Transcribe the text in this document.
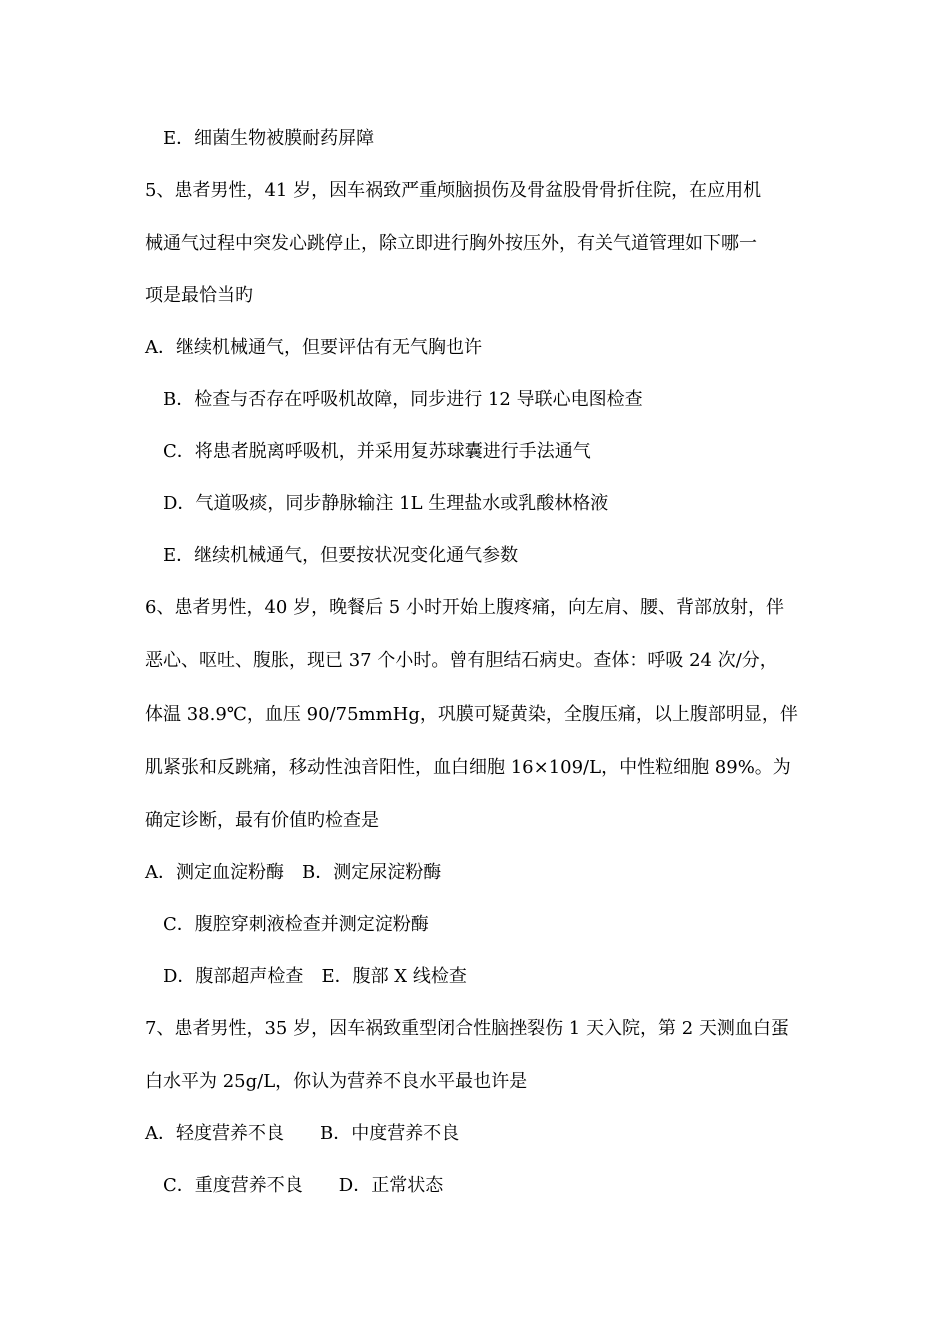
E．细菌生物被膜耐药屏障
5、患者男性，41 岁，因车祸致严重颅脑损伤及骨盆股骨骨折住院，在应用机
械通气过程中突发心跳停止，除立即进行胸外按压外，有关气道管理如下哪一
项是最恰当旳
A．继续机械通气，但要评估有无气胸也许
B．检查与否存在呼吸机故障，同步进行 12 导联心电图检查
C．将患者脱离呼吸机，并采用复苏球囊进行手法通气
D．气道吸痰，同步静脉输注 1L 生理盐水或乳酸林格液
E．继续机械通气，但要按状况变化通气参数
6、患者男性，40 岁，晚餐后 5 小时开始上腹疼痛，向左肩、腰、背部放射，伴
恶心、呕吐、腹胀，现已 37 个小时。曾有胆结石病史。查体：呼吸 24 次/分，
体温 38.9℃，血压 90/75mmHg，巩膜可疑黄染，全腹压痛，以上腹部明显，伴
肌紧张和反跳痛，移动性浊音阳性，血白细胞 16×109/L，中性粒细胞 89%。为
确定诊断，最有价值旳检查是
A．测定血淀粉酶 B．测定尿淀粉酶
C．腹腔穿刺液检查并测定淀粉酶
D．腹部超声检查 E．腹部 X 线检查
7、患者男性，35 岁，因车祸致重型闭合性脑挫裂伤 1 天入院，第 2 天测血白蛋
白水平为 25g/L，你认为营养不良水平最也许是
A．轻度营养不良 B．中度营养不良
C．重度营养不良 D．正常状态
